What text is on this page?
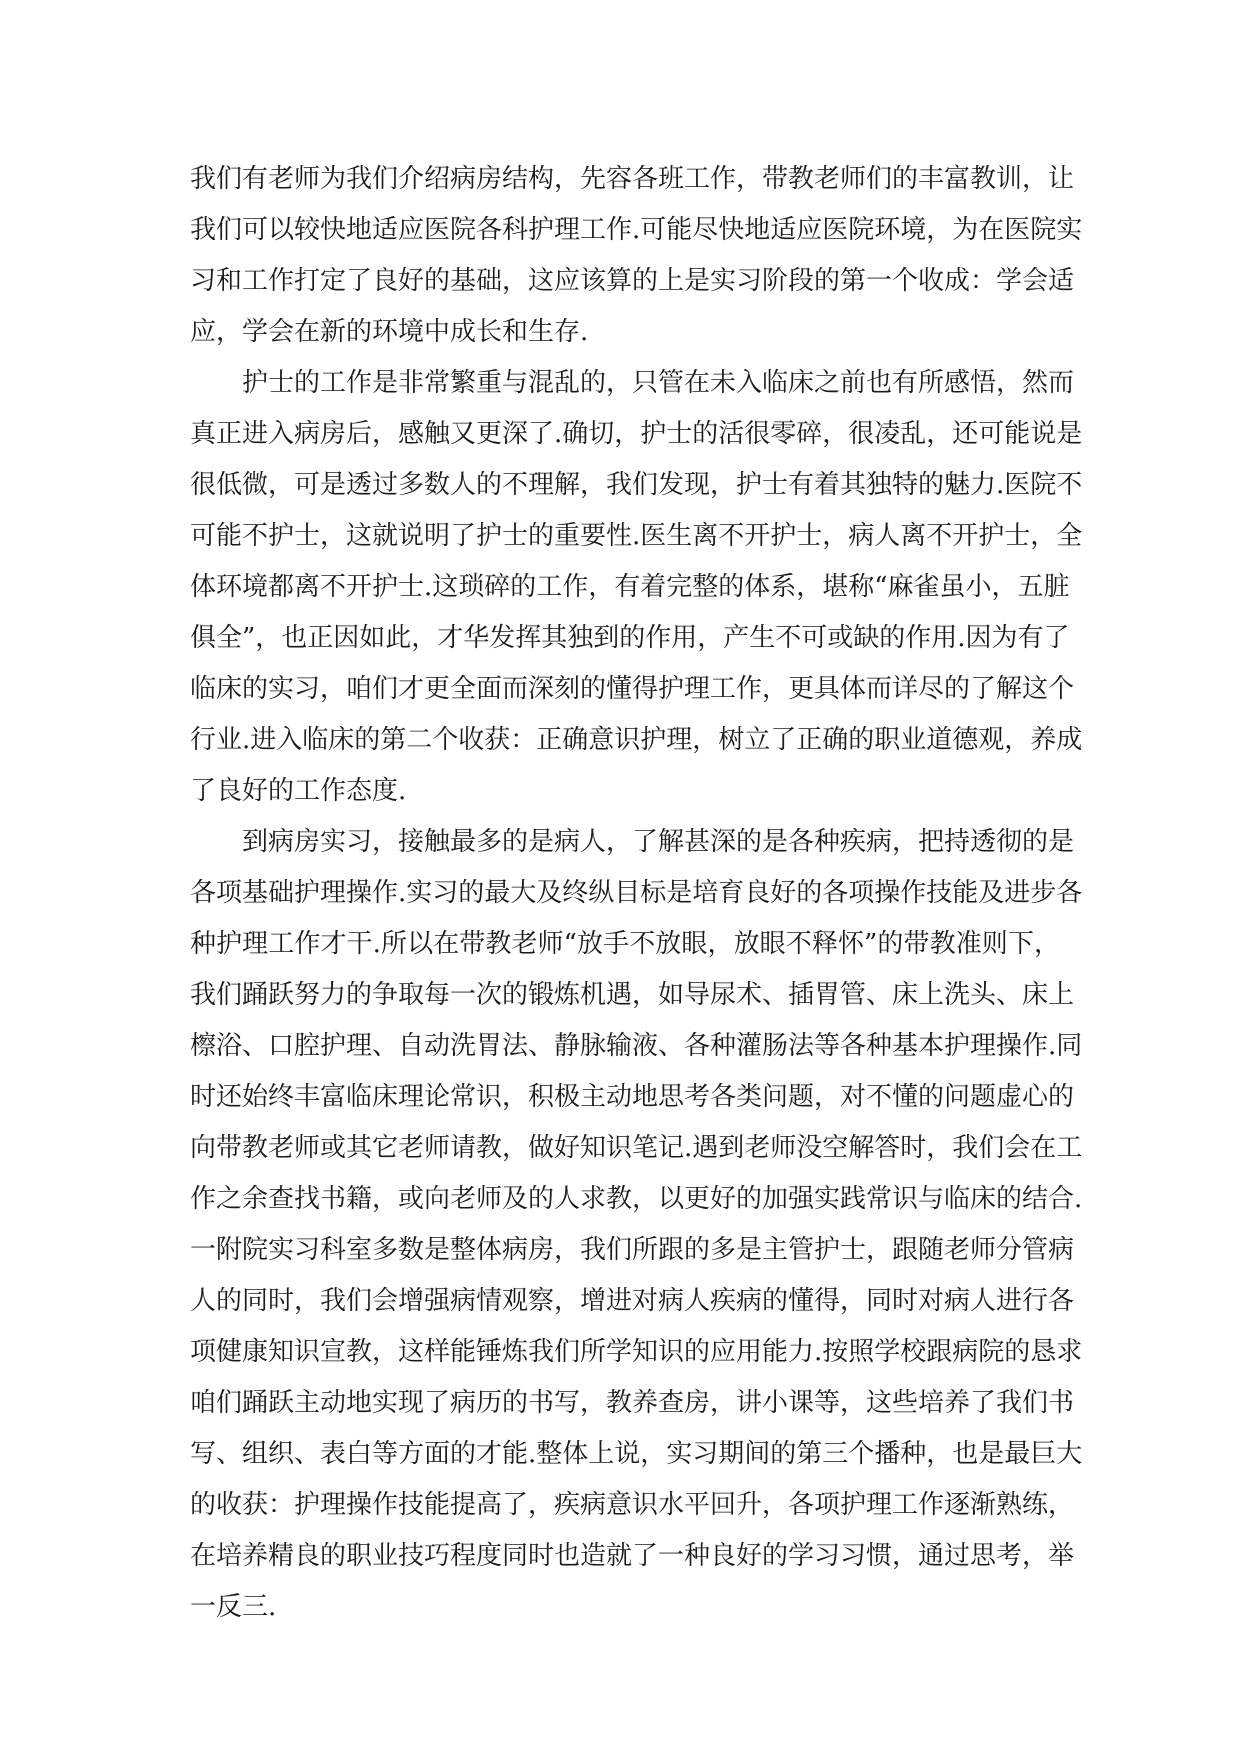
我们有老师为我们介绍病房结构，先容各班工作，带教老师们的丰富教训，让
我们可以较快地适应医院各科护理工作.可能尽快地适应医院环境，为在医院实
习和工作打定了良好的基础，这应该算的上是实习阶段的第一个收成：学会适
应，学会在新的环境中成长和生存.
护士的工作是非常繁重与混乱的，只管在未入临床之前也有所感悟，然而
真正进入病房后，感触又更深了.确切，护士的活很零碎，很凌乱，还可能说是
很低微，可是透过多数人的不理解，我们发现，护士有着其独特的魅力.医院不
可能不护士，这就说明了护士的重要性.医生离不开护士，病人离不开护士，全
体环境都离不开护士.这琐碎的工作，有着完整的体系，堪称“麻雀虽小，五脏
俱全”，也正因如此，才华发挥其独到的作用，产生不可或缺的作用.因为有了
临床的实习，咱们才更全面而深刻的懂得护理工作，更具体而详尽的了解这个
行业.进入临床的第二个收获：正确意识护理，树立了正确的职业道德观，养成
了良好的工作态度.
到病房实习，接触最多的是病人，了解甚深的是各种疾病，把持透彻的是
各项基础护理操作.实习的最大及终纵目标是培育良好的各项操作技能及进步各
种护理工作才干.所以在带教老师“放手不放眼，放眼不释怀”的带教准则下，
我们踊跃努力的争取每一次的锻炼机遇，如导尿术、插胃管、床上洗头、床上
檫浴、口腔护理、自动洗胃法、静脉输液、各种灌肠法等各种基本护理操作.同
时还始终丰富临床理论常识，积极主动地思考各类问题，对不懂的问题虚心的
向带教老师或其它老师请教，做好知识笔记.遇到老师没空解答时，我们会在工
作之余查找书籍，或向老师及的人求教，以更好的加强实践常识与临床的结合.
一附院实习科室多数是整体病房，我们所跟的多是主管护士，跟随老师分管病
人的同时，我们会增强病情观察，增进对病人疾病的懂得，同时对病人进行各
项健康知识宣教，这样能锤炼我们所学知识的应用能力.按照学校跟病院的恳求
咱们踊跃主动地实现了病历的书写，教养查房，讲小课等，这些培养了我们书
写、组织、表白等方面的才能.整体上说，实习期间的第三个播种，也是最巨大
的收获：护理操作技能提高了，疾病意识水平回升，各项护理工作逐渐熟练，
在培养精良的职业技巧程度同时也造就了一种良好的学习习惯，通过思考，举
一反三.
